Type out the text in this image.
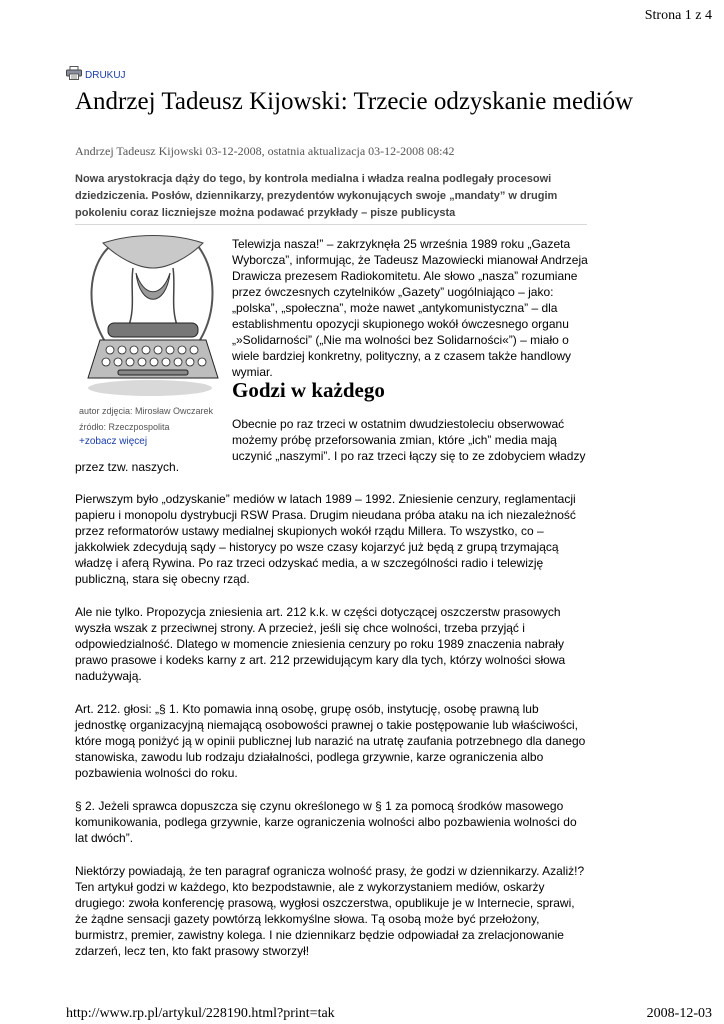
Strona 1 z 4
DRUKUJ
Andrzej Tadeusz Kijowski: Trzecie odzyskanie mediów
Andrzej Tadeusz Kijowski 03-12-2008, ostatnia aktualizacja 03-12-2008 08:42

Nowa arystokracja dąży do tego, by kontrola medialna i władza realna podlegały procesowi dziedziczenia. Posłów, dziennikarzy, prezydentów wykonujących swoje „mandaty” w drugim pokoleniu coraz liczniejsze można podawać przykłady – pisze publicysta

autor zdjęcia: Mirosław Owczarek
źródło: Rzeczpospolita
+zobacz więcej

Telewizja nasza!” – zakrzyknęła 25 września 1989 roku „Gazeta Wyborcza”, informując, że Tadeusz Mazowiecki mianował Andrzeja Drawicza prezesem Radiokomitetu. Ale słowo „nasza” rozumiane przez ówczesnych czytelników „Gazety” uogólniająco – jako: „polska”, „społeczna”, może nawet „antykomunistyczna” – dla establishmentu opozycji skupionego wokół ówczesnego organu „»Solidarności” („Nie ma wolności bez Solidarności«”) – miało o wiele bardziej konkretny, polityczny, a z czasem także handlowy wymiar.

Godzi w każdego

Obecnie po raz trzeci w ostatnim dwudziestoleciu obserwować możemy próbę przeforsowania zmian, które „ich” media mają uczynić „naszymi”. I po raz trzeci łączy się to ze zdobyciem władzy

przez tzw. naszych.

Pierwszym było „odzyskanie” mediów w latach 1989 – 1992. Zniesienie cenzury, reglamentacji papieru i monopolu dystrybucji RSW Prasa. Drugim nieudana próba ataku na ich niezależność przez reformatorów ustawy medialnej skupionych wokół rządu Millera. To wszystko, co – jakkolwiek zdecydują sądy – historycy po wsze czasy kojarzyć już będą z grupą trzymającą władzę i aferą Rywina. Po raz trzeci odzyskać media, a w szczególności radio i telewizję publiczną, stara się obecny rząd.

Ale nie tylko. Propozycja zniesienia art. 212 k.k. w części dotyczącej oszczerstw prasowych wyszła wszak z przeciwnej strony. A przecież, jeśli się chce wolności, trzeba przyjąć i odpowiedzialność. Dlatego w momencie zniesienia cenzury po roku 1989 znaczenia nabrały prawo prasowe i kodeks karny z art. 212 przewidującym kary dla tych, którzy wolności słowa nadużywają.

Art. 212. głosi: „§ 1. Kto pomawia inną osobę, grupę osób, instytucję, osobę prawną lub jednostkę organizacyjną niemającą osobowości prawnej o takie postępowanie lub właściwości, które mogą poniżyć ją w opinii publicznej lub narazić na utratę zaufania potrzebnego dla danego stanowiska, zawodu lub rodzaju działalności, podlega grzywnie, karze ograniczenia albo pozbawienia wolności do roku.

§ 2. Jeżeli sprawca dopuszcza się czynu określonego w § 1 za pomocą środków masowego komunikowania, podlega grzywnie, karze ograniczenia wolności albo pozbawienia wolności do lat dwóch”.

Niektórzy powiadają, że ten paragraf ogranicza wolność prasy, że godzi w dziennikarzy. Azaliż!? Ten artykuł godzi w każdego, kto bezpodstawnie, ale z wykorzystaniem mediów, oskarży drugiego: zwoła konferencję prasową, wygłosi oszczerstwa, opublikuje je w Internecie, sprawi, że żądne sensacji gazety powtórzą lekkomyślne słowa. Tą osobą może być przełożony, burmistrz, premier, zawistny kolega. I nie dziennikarz będzie odpowiadał za zrelacjonowanie zdarzeń, lecz ten, kto fakt prasowy stworzył!

http://www.rp.pl/artykul/228190.html?print=tak	2008-12-03
